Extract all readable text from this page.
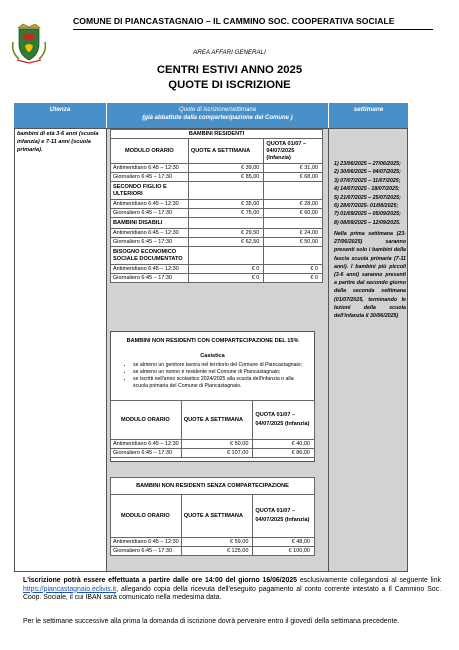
COMUNE DI PIANCASTAGNAIO – IL CAMMINO SOC. COOPERATIVA SOCIALE
AREA AFFARI GENERALI
CENTRI ESTIVI ANNO 2025
QUOTE DI ISCRIZIONE
Utenza	Quote di iscrizione/settimana
(già abbattute dalla compartecipazione del Comune )
settimane
bambini di età 3-6 anni (scuola infanzia) e 7-11 anni (scuola primaria).
BAMBINI RESIDENTI		
MODULO ORARIO	QUOTE A SETTIMANA	QUOTA 01/07 – 04/07/2025 (Infanzia)
Antimeridiano 6:45 – 12:30	€ 39,00	€ 31,00
Giornaliero 6:45 – 17:30	€ 85,00	€ 68,00
SECONDO FIGLIO E ULTERIORI		
Antimeridiano 6:45 – 12:30	€ 35,00	€ 28,00
Giornaliero 6:45 – 17:30	€ 75,00	€ 60,00
BAMBINI DISABILI		
Antimeridiano 6:45 – 12:30	€ 29,50	€ 24,00
Giornaliero 6:45 – 17:30	€ 62,50	€ 50,00
BISOGNO ECONOMICO SOCIALE DOCUMENTATO		
Antimeridiano 6:45 – 12:30	€ 0	€ 0
Giornaliero 6:45 – 17:30	€ 0	€ 0
BAMBINI NON RESIDENTI CON COMPARTECIPAZIONE DEL 15%
Casistica
• se almeno un genitore lavora nel territorio del Comune di Piancastagnaio;
• se almeno un nonno è residente nel Comune di Piancastagnaio;
• se iscritti nell'anno scolastico 2024/2025 alla scuola dell'infanzia o alla scuola primaria del Comune di Piancastagnaio.
MODULO ORARIO	QUOTE A SETTIMANA	QUOTA 01/07 – 04/07/2025 (Infanzia)
Antimeridiano 6:45 – 12:30	€ 50,00	€ 40,00
Giornaliero 6:45 – 17:30	€ 107,00	€ 86,00
BAMBINI NON RESIDENTI SENZA COMPARTECIPAZIONE		
MODULO ORARIO	QUOTE A SETTIMANA	QUOTA 01/07 – 04/07/2025 (Infanzia)
Antimeridiano 6:45 – 12:30	€ 59,00	€ 48,00
Giornaliero 6:45 – 17:30	€ 125,00	€ 100,00
1) 23/06/2025 – 27/06/2025;
2) 30/06/2025 – 04/07/2025;
3) 07/07/2025 – 11/07/2025;
4) 14/07/2025 - 18/07/2025;
5) 21/07/2025 – 25/07/2025;
6) 28/07/2025- 01/08/2025;
7) 01/09/2025 – 05/09/2025;
8) 08/09/2025 – 12/09/2025.
Nella prima settimana (23-27/06/2025) saranno presenti solo i bambini della fascia scuola primaria (7-11 anni). I bambini più piccoli (3-6 anni) saranno presenti a partire dal secondo giorno della seconda settimana (01/07/2025, terminando le lezioni della scuola dell'infanzia il 30/06/2025)
L'iscrizione potrà essere effettuata a partire dalle ore 14:00 del giorno 16/06/2025 esclusivamente collegandosi al seguente link https://piancastagnaio.eclivis.it, allegando copia della ricevuta dell'eseguito pagamento al conto corrente intestato a Il Cammino Soc. Coop. Sociale, il cui IBAN sarà comunicato nella medesima data.
Per le settimane successive alla prima la domanda di iscrizione dovrà pervenire entro il giovedì della settimana precedente.
